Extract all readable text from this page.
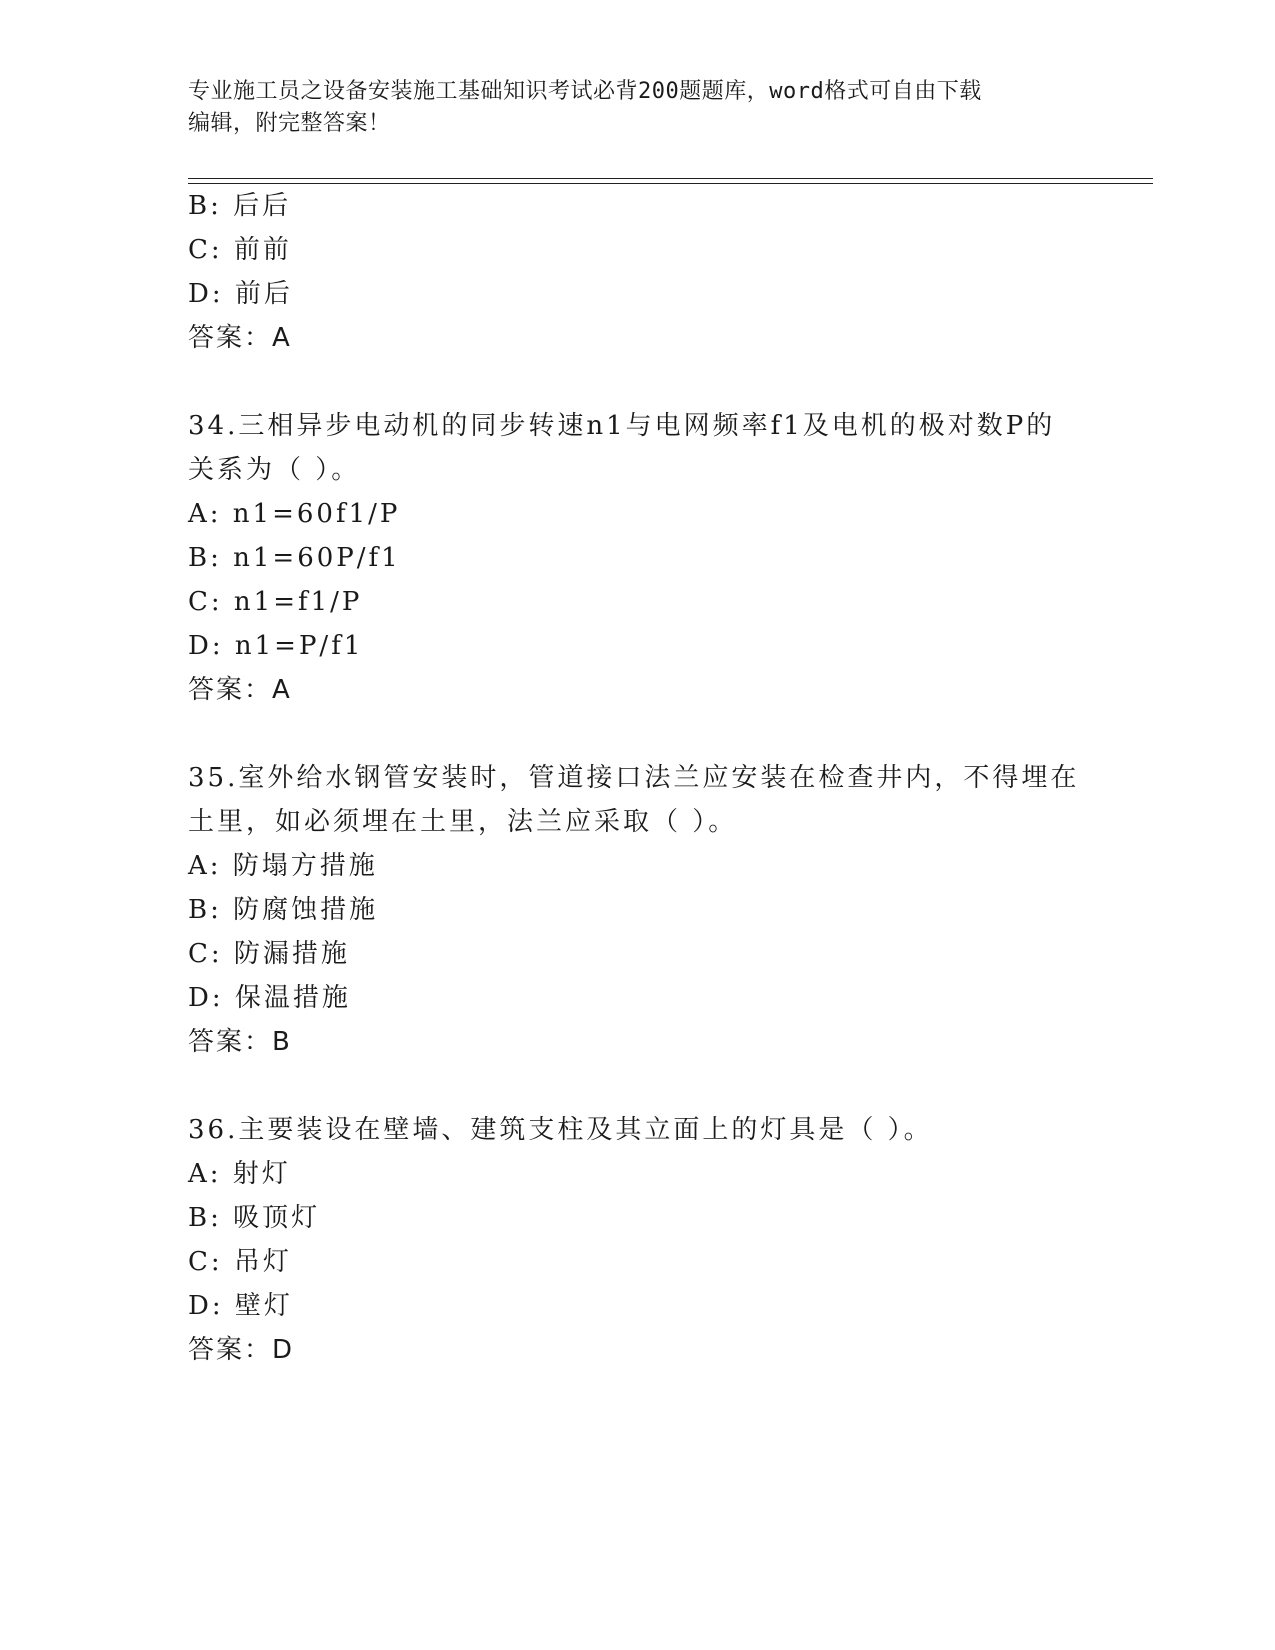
专业施工员之设备安装施工基础知识考试必背200题题库，word格式可自由下载
编辑，附完整答案！
B: 后后
C: 前前
D: 前后
答案：A
34.三相异步电动机的同步转速n1与电网频率f1及电机的极对数P的
关系为（ ）。
A: n1=60f1/P
B: n1=60P/f1
C: n1=f1/P
D: n1=P/f1
答案：A
35.室外给水钢管安装时，管道接口法兰应安装在检查井内，不得埋在
土里，如必须埋在土里，法兰应采取（ ）。
A: 防塌方措施
B: 防腐蚀措施
C: 防漏措施
D: 保温措施
答案：B
36.主要装设在壁墙、建筑支柱及其立面上的灯具是（ ）。
A: 射灯
B: 吸顶灯
C: 吊灯
D: 壁灯
答案：D
